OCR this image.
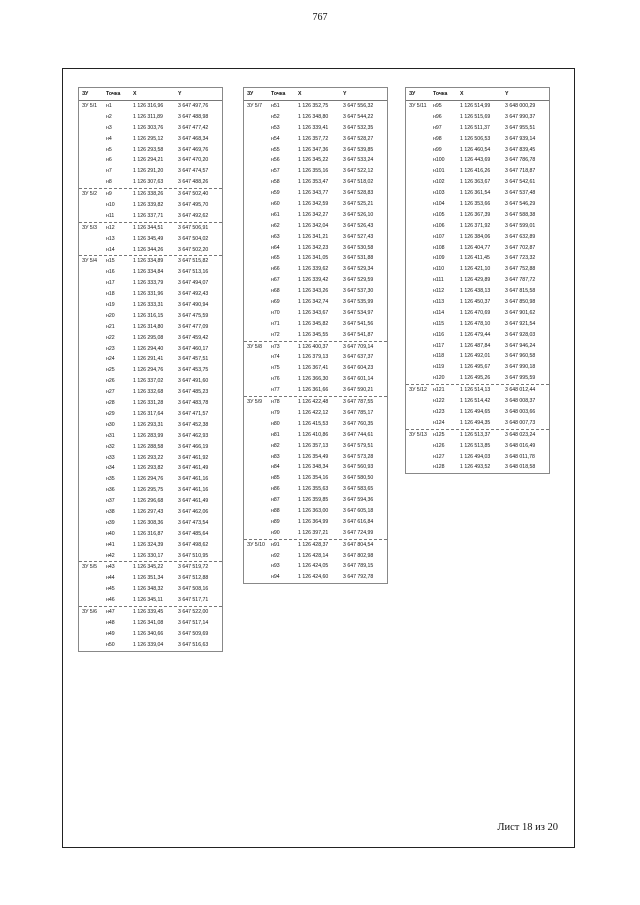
767
ЗУ	Точка	X	Y
ЗУ 5/1	н1	1 126 316,96	3 647 497,76
н2	1 126 311,89	3 647 488,98
н3	1 126 303,76	3 647 477,42
н4	1 126 295,12	3 647 468,34
н5	1 126 293,58	3 647 469,76
н6	1 126 294,21	3 647 470,20
н7	1 126 291,20	3 647 474,57
н8	1 126 307,63	3 647 488,26
ЗУ 5/2	н9	1 126 338,26	3 647 502,40
н10	1 126 339,82	3 647 495,70
н11	1 126 337,71	3 647 492,62
ЗУ 5/3	н12	1 126 344,51	3 647 506,91
н13	1 126 345,49	3 647 504,02
н14	1 126 344,26	3 647 502,20
ЗУ 5/4	н15	1 126 334,89	3 647 515,82
н16	1 126 334,84	3 647 513,16
н17	1 126 333,79	3 647 494,07
н18	1 126 331,96	3 647 492,43
н19	1 126 333,31	3 647 490,94
н20	1 126 316,15	3 647 475,59
н21	1 126 314,80	3 647 477,09
н22	1 126 295,08	3 647 459,42
н23	1 126 294,40	3 647 460,17
н24	1 126 291,41	3 647 457,51
н25	1 126 294,76	3 647 453,75
н26	1 126 337,02	3 647 491,60
н27	1 126 332,68	3 647 485,23
н28	1 126 331,28	3 647 483,78
н29	1 126 317,64	3 647 471,57
н30	1 126 293,31	3 647 452,38
н31	1 126 283,99	3 647 462,93
н32	1 126 288,58	3 647 466,19
н33	1 126 293,22	3 647 461,92
н34	1 126 293,82	3 647 461,49
н35	1 126 294,76	3 647 461,16
н36	1 126 295,75	3 647 461,16
н37	1 126 296,68	3 647 461,49
н38	1 126 297,43	3 647 462,06
н39	1 126 308,36	3 647 473,54
н40	1 126 316,87	3 647 485,64
н41	1 126 324,39	3 647 498,62
н42	1 126 330,17	3 647 510,95
ЗУ 5/5	н43	1 126 345,22	3 647 519,72
н44	1 126 351,34	3 647 512,88
н45	1 126 348,32	3 647 508,16
н46	1 126 345,11	3 647 517,71
ЗУ 5/6	н47	1 126 339,45	3 647 522,00
н48	1 126 341,08	3 647 517,14
н49	1 126 340,66	3 647 509,69
н50	1 126 339,04	3 647 516,63
ЗУ	Точка	X	Y
ЗУ 5/7	н51	1 126 352,75	3 647 556,32
н52	1 126 348,80	3 647 544,22
н53	1 126 339,41	3 647 532,35
н54	1 126 357,72	3 647 528,27
н55	1 126 347,36	3 647 539,85
н56	1 126 345,22	3 647 533,24
н57	1 126 355,16	3 647 522,12
н58	1 126 353,47	3 647 518,02
н59	1 126 343,77	3 647 528,83
н60	1 126 342,59	3 647 525,21
н61	1 126 342,27	3 647 526,10
н62	1 126 342,04	3 647 526,43
н63	1 126 341,21	3 647 527,43
н64	1 126 342,23	3 647 530,58
н65	1 126 341,05	3 647 531,88
н66	1 126 339,62	3 647 529,34
н67	1 126 339,42	3 647 529,59
н68	1 126 343,26	3 647 537,30
н69	1 126 342,74	3 647 535,99
н70	1 126 343,67	3 647 534,97
н71	1 126 345,82	3 647 541,56
н72	1 126 345,55	3 647 541,87
ЗУ 5/8	н73	1 126 400,37	3 647 709,14
н74	1 126 379,13	3 647 637,37
н75	1 126 367,41	3 647 604,23
н76	1 126 366,30	3 647 601,14
н77	1 126 361,66	3 647 590,21
ЗУ 5/9	н78	1 126 422,48	3 647 787,55
н79	1 126 422,12	3 647 785,17
н80	1 126 415,53	3 647 760,35
н81	1 126 410,86	3 647 744,61
н82	1 126 357,13	3 647 579,51
н83	1 126 354,49	3 647 573,28
н84	1 126 348,34	3 647 560,93
н85	1 126 354,16	3 647 580,50
н86	1 126 355,63	3 647 583,65
н87	1 126 359,85	3 647 594,36
н88	1 126 363,00	3 647 605,18
н89	1 126 364,99	3 647 616,84
н90	1 126 397,21	3 647 724,99
ЗУ 5/10	н91	1 126 428,37	3 647 804,54
н92	1 126 428,14	3 647 802,98
н93	1 126 424,05	3 647 789,15
н94	1 126 424,60	3 647 792,78
ЗУ	Точка	X	Y
ЗУ 5/11	н95	1 126 514,99	3 648 000,29
н96	1 126 515,69	3 647 990,37
н97	1 126 511,37	3 647 955,51
н98	1 126 506,53	3 647 939,14
н99	1 126 460,54	3 647 839,45
н100	1 126 443,69	3 647 786,78
н101	1 126 416,26	3 647 718,87
н102	1 126 363,67	3 647 542,61
н103	1 126 361,54	3 647 537,48
н104	1 126 353,66	3 647 546,29
н105	1 126 367,39	3 647 588,38
н106	1 126 371,92	3 647 599,01
н107	1 126 384,06	3 647 632,89
н108	1 126 404,77	3 647 702,87
н109	1 126 411,45	3 647 723,32
н110	1 126 421,10	3 647 752,88
н111	1 126 429,89	3 647 787,72
н112	1 126 438,13	3 647 815,58
н113	1 126 450,37	3 647 850,98
н114	1 126 470,69	3 647 901,62
н115	1 126 478,10	3 647 921,54
н116	1 126 479,44	3 647 928,03
н117	1 126 487,84	3 647 946,24
н118	1 126 492,01	3 647 960,58
н119	1 126 495,67	3 647 990,18
н120	1 126 495,26	3 647 995,59
ЗУ 5/12	н121	1 126 514,13	3 648 012,44
н122	1 126 514,42	3 648 008,37
н123	1 126 494,65	3 648 003,66
н124	1 126 494,35	3 648 007,73
ЗУ 5/13	н125	1 126 513,37	3 648 023,24
н126	1 126 513,85	3 648 016,49
н127	1 126 494,03	3 648 011,78
н128	1 126 493,52	3 648 018,58
Лист 18 из 20
